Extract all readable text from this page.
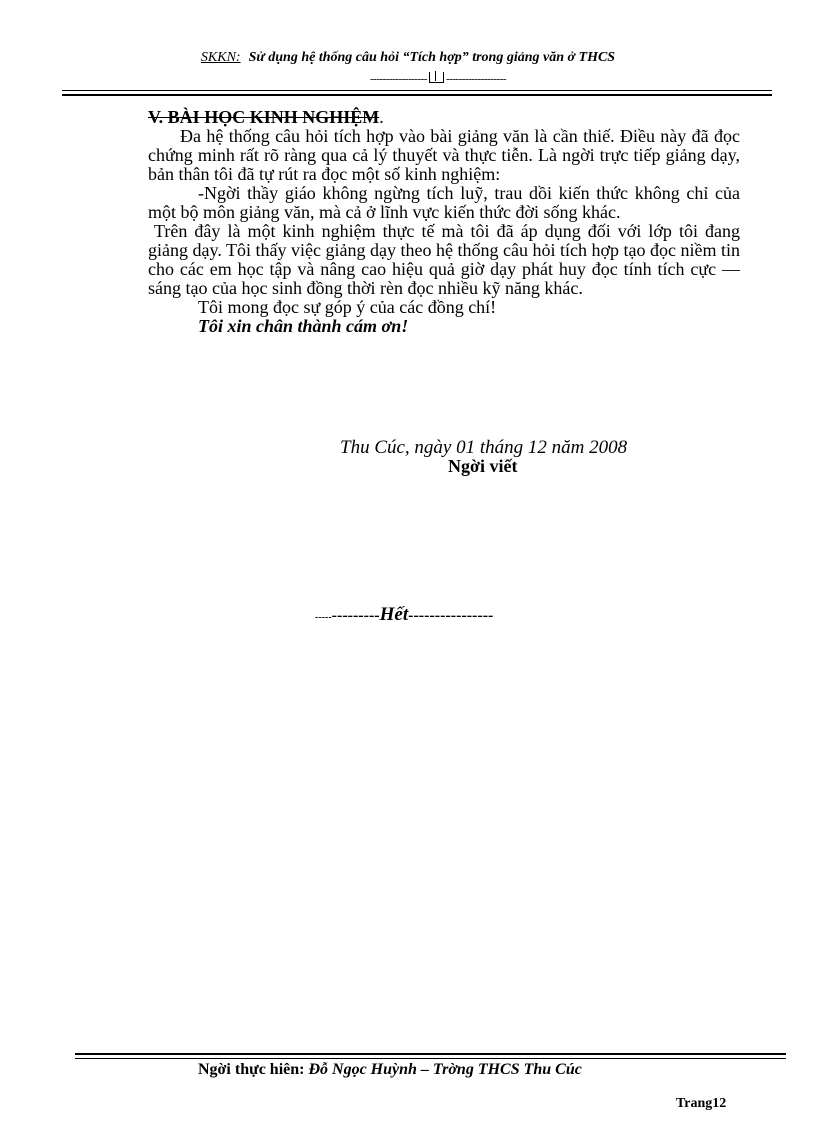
SKKN: Sử dụng hệ thống câu hỏi “Tích hợp” trong giảng văn ở THCS
------------------ -------------------

V. BÀI HỌC KINH NGHIỆM.

Đa hệ thống câu hỏi tích hợp vào bài giảng văn là cần thiế. Điều này đã đọc chứng minh rất rõ ràng qua cả lý thuyết và thực tiễn. Là ngời trực tiếp giảng dạy, bản thân tôi đã tự rút ra đọc một số kinh nghiệm:

-Ngời thầy giáo không ngừng tích luỹ, trau dồi kiến thức không chỉ của một bộ môn giảng văn, mà cả ở lĩnh vực kiến thức đời sống khác.

Trên đây là một kinh nghiệm thực tế mà tôi đã áp dụng đối với lớp tôi đang giảng dạy. Tôi thấy việc giảng dạy theo hệ thống câu hỏi tích hợp tạo đọc niềm tin cho các em học tập và nâng cao hiệu quả giờ dạy phát huy đọc tính tích cực — sáng tạo của học sinh đồng thời rèn đọc nhiều kỹ năng khác.

Tôi mong đọc sự góp ý của các đồng chí!

Tôi xin chân thành cám ơn!

Thu Cúc, ngày 01 tháng 12 năm 2008
Ngời viết
--------------Hết----------------
Ngời thực hiên: Đỗ Ngọc Huỳnh – Trờng THCS Thu Cúc
Trang12
